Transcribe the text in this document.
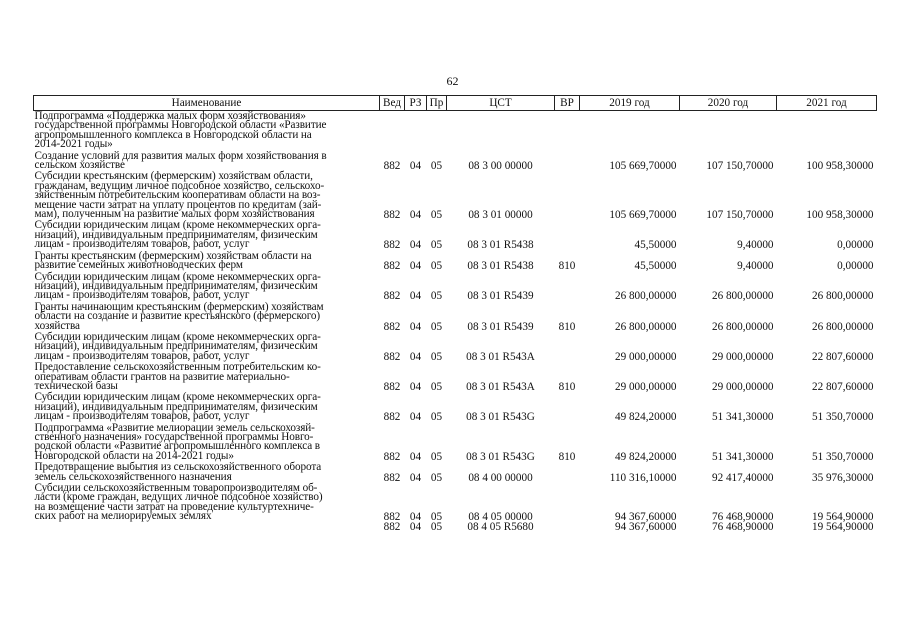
62
Наименование	Вед	РЗ	Пр	ЦСТ	ВР	2019 год	2020 год	2021 год

Подпрограмма «Поддержка малых форм хозяйствования»
государственной программы Новгородской области «Развитие
агропромышленного комплекса в Новгородской области на
2014-2021 годы»								

Создание условий для развития малых форм хозяйствования в
сельском хозяйстве	882	04	05	08 3 00 00000		105 669,70000	107 150,70000	100 958,30000

Субсидии крестьянским (фермерским) хозяйствам области,
гражданам, ведущим личное подсобное хозяйство, сельскохо-
зяйственным потребительским кооперативам области на воз-
мещение части затрат на уплату процентов по кредитам (зай-
мам), полученным на развитие малых форм хозяйствования	882	04	05	08 3 01 00000		105 669,70000	107 150,70000	100 958,30000

Субсидии юридическим лицам (кроме некоммерческих орга-
низаций), индивидуальным предпринимателям, физическим
лицам - производителям товаров, работ, услуг	882	04	05	08 3 01 R5438		45,50000	9,40000	0,00000

Гранты крестьянским (фермерским) хозяйствам области на
развитие семейных животноводческих ферм	882	04	05	08 3 01 R5438	810	45,50000	9,40000	0,00000

Субсидии юридическим лицам (кроме некоммерческих орга-
низаций), индивидуальным предпринимателям, физическим
лицам - производителям товаров, работ, услуг	882	04	05	08 3 01 R5439		26 800,00000	26 800,00000	26 800,00000

Гранты начинающим крестьянским (фермерским) хозяйствам
области на создание и развитие крестьянского (фермерского)
хозяйства	882	04	05	08 3 01 R5439	810	26 800,00000	26 800,00000	26 800,00000

Субсидии юридическим лицам (кроме некоммерческих орга-
низаций), индивидуальным предпринимателям, физическим
лицам - производителям товаров, работ, услуг	882	04	05	08 3 01 R543A		29 000,00000	29 000,00000	22 807,60000

Предоставление сельскохозяйственным потребительским ко-
оперативам области грантов на развитие материально-
технической базы	882	04	05	08 3 01 R543A	810	29 000,00000	29 000,00000	22 807,60000

Субсидии юридическим лицам (кроме некоммерческих орга-
низаций), индивидуальным предпринимателям, физическим
лицам - производителям товаров, работ, услуг	882	04	05	08 3 01 R543G		49 824,20000	51 341,30000	51 350,70000

Подпрограмма «Развитие мелиорации земель сельскохозяй-
ственного назначения» государственной программы Новго-
родской области «Развитие агропромышленного комплекса в
Новгородской области на 2014-2021 годы»	882	04	05	08 3 01 R543G	810	49 824,20000	51 341,30000	51 350,70000

Предотвращение выбытия из сельскохозяйственного оборота
земель сельскохозяйственного назначения	882	04	05	08 4 00 00000		110 316,10000	92 417,40000	35 976,30000

Субсидии сельскохозяйственным товаропроизводителям об-
ласти (кроме граждан, ведущих личное подсобное хозяйство)
на возмещение части затрат на проведение культуртехниче-
ских работ на мелиорируемых землях	882	04	05	08 4 05 00000		94 367,60000	76 468,90000	19 564,90000
	882	04	05	08 4 05 R5680		94 367,60000	76 468,90000	19 564,90000
